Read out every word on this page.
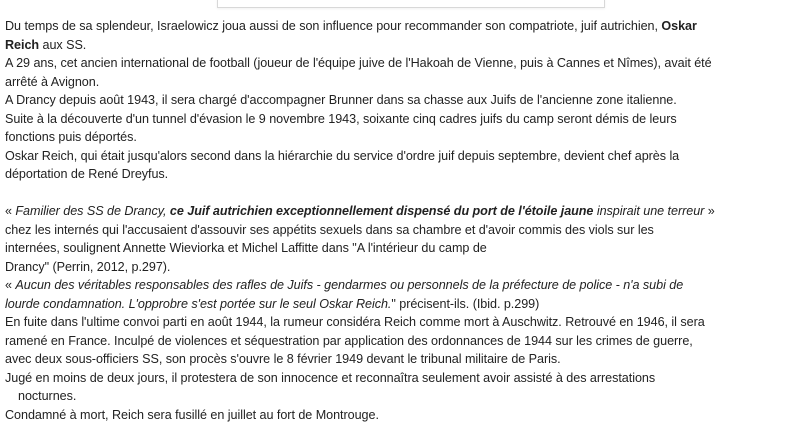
Du temps de sa splendeur, Israelowicz joua aussi de son influence pour recommander son compatriote, juif autrichien, Oskar
Reich aux SS.
A 29 ans, cet ancien international de football (joueur de l'équipe juive de l'Hakoah de Vienne, puis à Cannes et Nîmes), avait été
arrêté à Avignon.
A Drancy depuis août 1943, il sera chargé d'accompagner Brunner dans sa chasse aux Juifs de l'ancienne zone italienne.
Suite à la découverte d'un tunnel d'évasion le 9 novembre 1943, soixante cinq cadres juifs du camp seront démis de leurs
fonctions puis déportés.
Oskar Reich, qui était jusqu'alors second dans la hiérarchie du service d'ordre juif depuis septembre, devient chef après la
déportation de René Dreyfus.
« Familier des SS de Drancy, ce Juif autrichien exceptionnellement dispensé du port de l'étoile jaune inspirait une terreur »
chez les internés qui l'accusaient d'assouvir ses appétits sexuels dans sa chambre et d'avoir commis des viols sur les
internées, soulignent Annette Wieviorka et Michel Laffitte dans "A l'intérieur du camp de
Drancy" (Perrin, 2012, p.297).
« Aucun des véritables responsables des rafles de Juifs - gendarmes ou personnels de la préfecture de police - n'a subi de
lourde condamnation. L'opprobre s'est portée sur le seul Oskar Reich." précisent-ils. (Ibid. p.299)
En fuite dans l'ultime convoi parti en août 1944, la rumeur considéra Reich comme mort à Auschwitz. Retrouvé en 1946, il sera
ramené en France. Inculpé de violences et séquestration par application des ordonnances de 1944 sur les crimes de guerre,
avec deux sous-officiers SS, son procès s'ouvre le 8 février 1949 devant le tribunal militaire de Paris.
Jugé en moins de deux jours, il protestera de son innocence et reconnaîtra seulement avoir assisté à des arrestations
nocturnes.
Condamné à mort, Reich sera fusillé en juillet au fort de Montrouge.
